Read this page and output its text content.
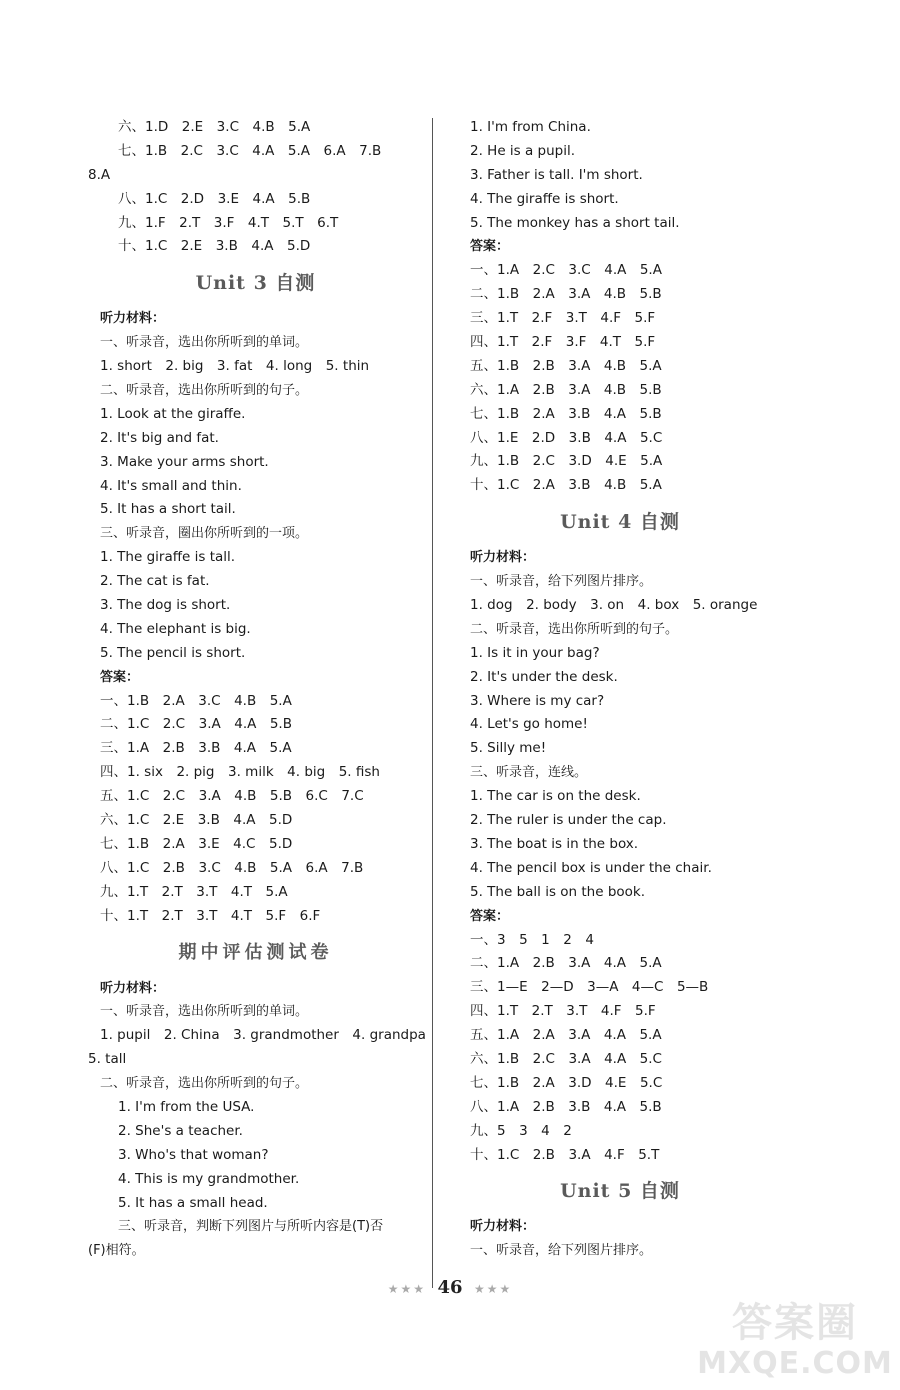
六、1.D　2.E　3.C　4.B　5.A
七、1.B　2.C　3.C　4.A　5.A　6.A　7.B
8.A
八、1.C　2.D　3.E　4.A　5.B
九、1.F　2.T　3.F　4.T　5.T　6.T
十、1.C　2.E　3.B　4.A　5.D
Unit 3 自测
听力材料：
一、听录音，选出你所听到的单词。
1. short　2. big　3. fat　4. long　5. thin
二、听录音，选出你所听到的句子。
1. Look at the giraffe.
2. It's big and fat.
3. Make your arms short.
4. It's small and thin.
5. It has a short tail.
三、听录音，圈出你所听到的一项。
1. The giraffe is tall.
2. The cat is fat.
3. The dog is short.
4. The elephant is big.
5. The pencil is short.
答案：
一、1.B　2.A　3.C　4.B　5.A
二、1.C　2.C　3.A　4.A　5.B
三、1.A　2.B　3.B　4.A　5.A
四、1. six　2. pig　3. milk　4. big　5. fish
五、1.C　2.C　3.A　4.B　5.B　6.C　7.C
六、1.C　2.E　3.B　4.A　5.D
七、1.B　2.A　3.E　4.C　5.D
八、1.C　2.B　3.C　4.B　5.A　6.A　7.B
九、1.T　2.T　3.T　4.T　5.A
十、1.T　2.T　3.T　4.T　5.F　6.F
期中评估测试卷
听力材料：
一、听录音，选出你所听到的单词。
1. pupil　2. China　3. grandmother　4. grandpa
5. tall
二、听录音，选出你所听到的句子。
1. I'm from the USA.
2. She's a teacher.
3. Who's that woman?
4. This is my grandmother.
5. It has a small head.
三、听录音，判断下列图片与所听内容是(T)否
(F)相符。
1. I'm from China.
2. He is a pupil.
3. Father is tall. I'm short.
4. The giraffe is short.
5. The monkey has a short tail.
答案：
一、1.A　2.C　3.C　4.A　5.A
二、1.B　2.A　3.A　4.B　5.B
三、1.T　2.F　3.T　4.F　5.F
四、1.T　2.F　3.F　4.T　5.F
五、1.B　2.B　3.A　4.B　5.A
六、1.A　2.B　3.A　4.B　5.B
七、1.B　2.A　3.B　4.A　5.B
八、1.E　2.D　3.B　4.A　5.C
九、1.B　2.C　3.D　4.E　5.A
十、1.C　2.A　3.B　4.B　5.A
Unit 4 自测
听力材料：
一、听录音，给下列图片排序。
1. dog　2. body　3. on　4. box　5. orange
二、听录音，选出你所听到的句子。
1. Is it in your bag?
2. It's under the desk.
3. Where is my car?
4. Let's go home!
5. Silly me!
三、听录音，连线。
1. The car is on the desk.
2. The ruler is under the cap.
3. The boat is in the box.
4. The pencil box is under the chair.
5. The ball is on the book.
答案：
一、3　5　1　2　4
二、1.A　2.B　3.A　4.A　5.A
三、1—E　2—D　3—A　4—C　5—B
四、1.T　2.T　3.T　4.F　5.F
五、1.A　2.A　3.A　4.A　5.A
六、1.B　2.C　3.A　4.A　5.C
七、1.B　2.A　3.D　4.E　5.C
八、1.A　2.B　3.B　4.A　5.B
九、5　3　4　2
十、1.C　2.B　3.A　4.F　5.T
Unit 5 自测
听力材料：
一、听录音，给下列图片排序。
★★★ 46 ★★★
答案圈
MXQE.COM
